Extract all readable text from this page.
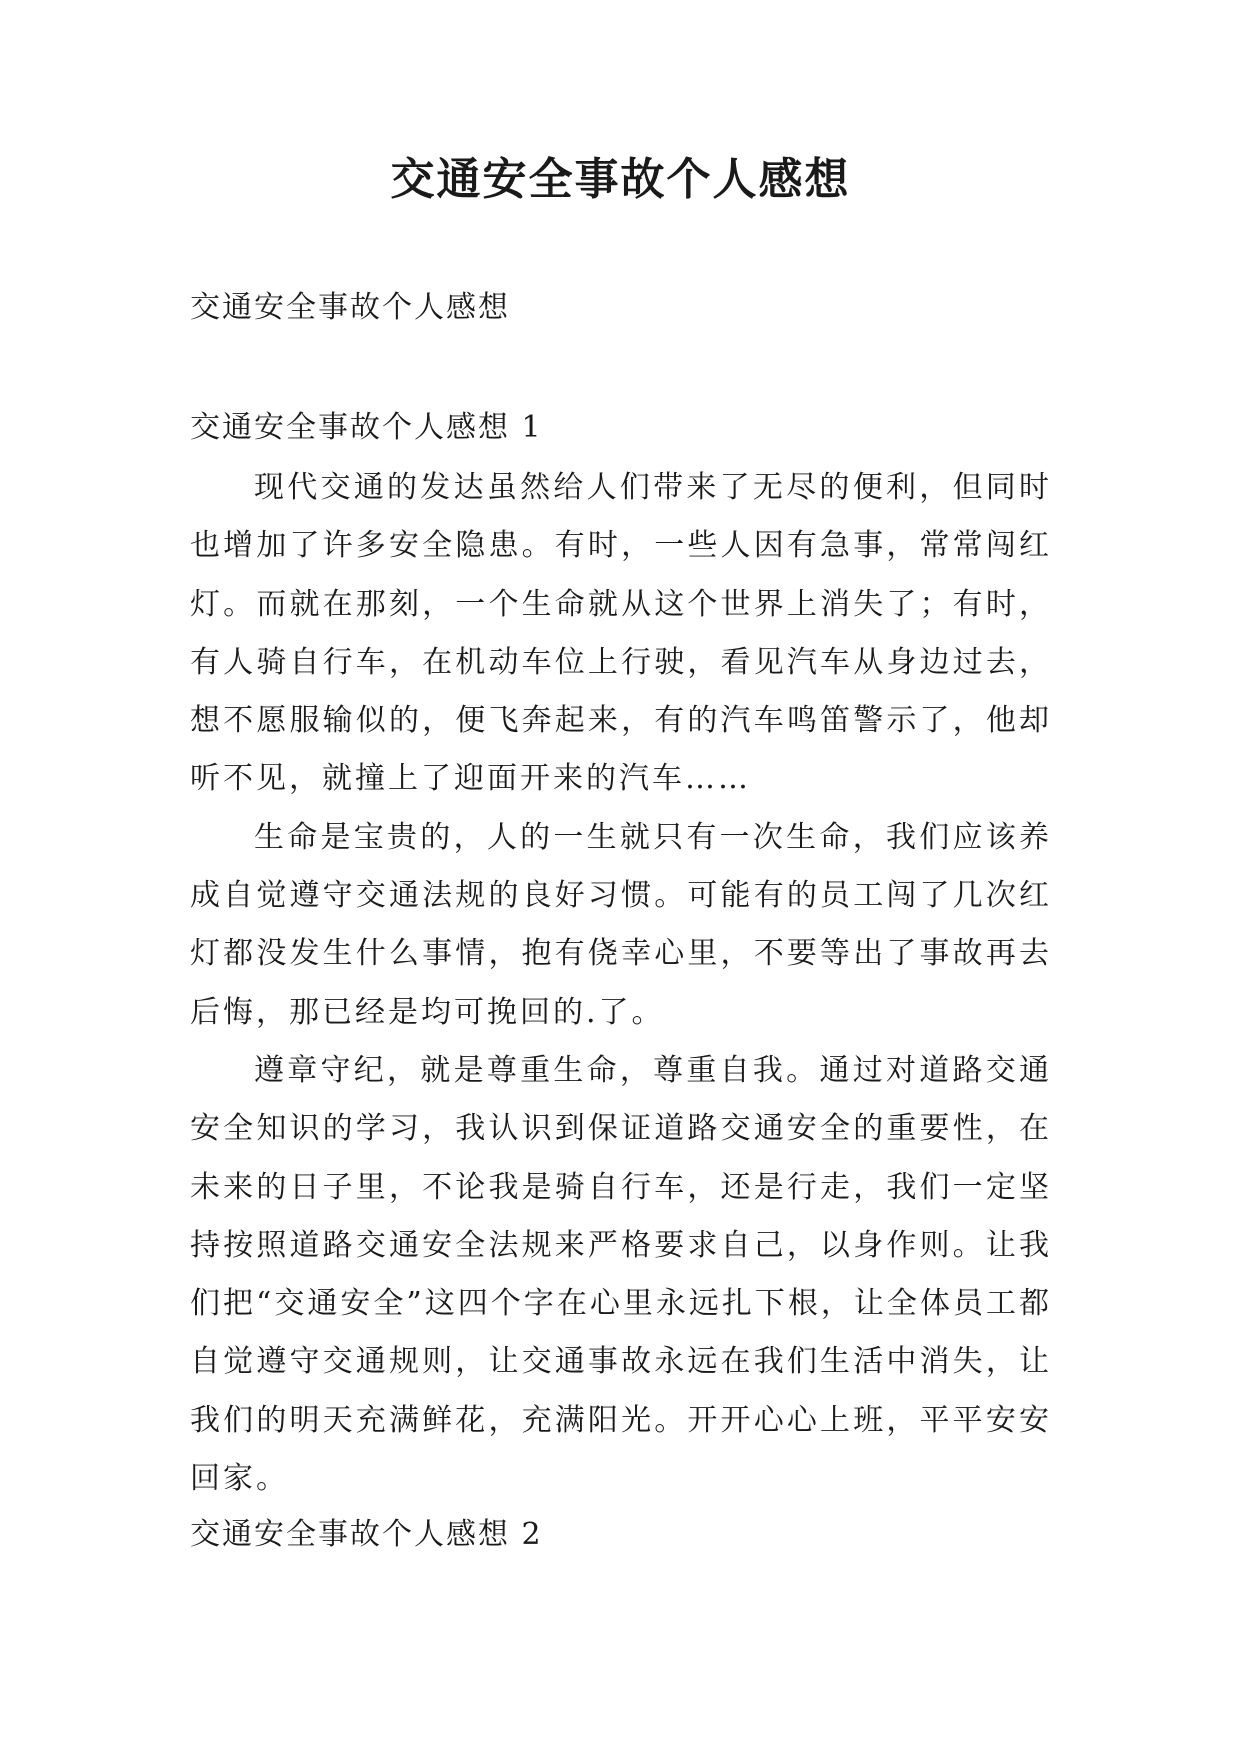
交通安全事故个人感想

交通安全事故个人感想

交通安全事故个人感想 1

现代交通的发达虽然给人们带来了无尽的便利，但同时也增加了许多安全隐患。有时，一些人因有急事，常常闯红灯。而就在那刻，一个生命就从这个世界上消失了；有时，有人骑自行车，在机动车位上行驶，看见汽车从身边过去，想不愿服输似的，便飞奔起来，有的汽车鸣笛警示了，他却听不见，就撞上了迎面开来的汽车……

生命是宝贵的，人的一生就只有一次生命，我们应该养成自觉遵守交通法规的良好习惯。可能有的员工闯了几次红灯都没发生什么事情，抱有侥幸心里，不要等出了事故再去后悔，那已经是均可挽回的.了。

遵章守纪，就是尊重生命，尊重自我。通过对道路交通安全知识的学习，我认识到保证道路交通安全的重要性，在未来的日子里，不论我是骑自行车，还是行走，我们一定坚持按照道路交通安全法规来严格要求自己，以身作则。让我们把“交通安全”这四个字在心里永远扎下根，让全体员工都自觉遵守交通规则，让交通事故永远在我们生活中消失，让我们的明天充满鲜花，充满阳光。开开心心上班，平平安安回家。

交通安全事故个人感想 2
